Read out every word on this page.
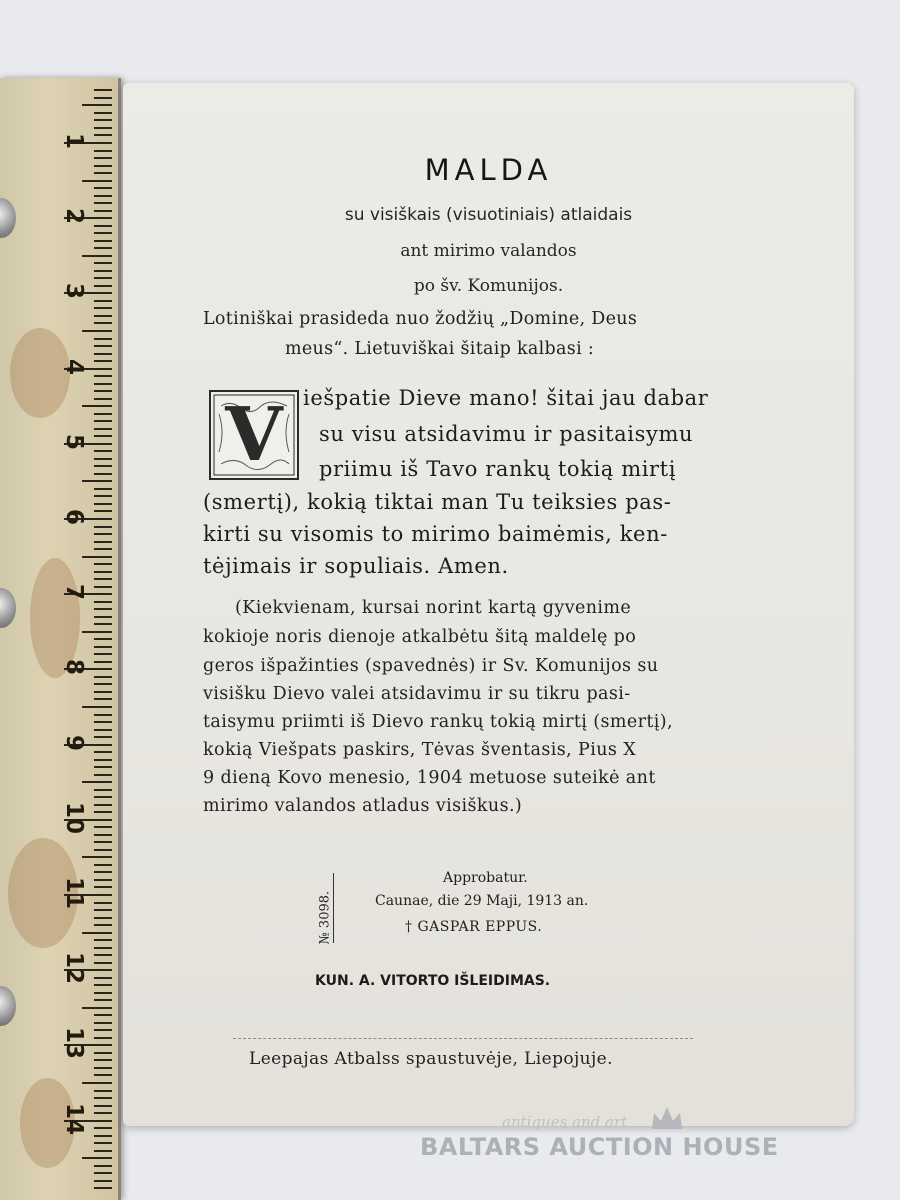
1
2
3
4
5
6
7
8
9
10
11
12
13
14
MALDA
su visiškais (visuotiniais) atlaidais
ant mirimo valandos
po šv. Komunijos.
Lotiniškai prasideda nuo žodžių „Domine, Deus
meus“. Lietuviškai šitaip kalbasi :
V iešpatie Dieve mano! šitai jau dabar
su visu atsidavimu ir pasitaisymu
priimu iš Tavo rankų tokią mirtį
(smertį), kokią tiktai man Tu teiksies pas-
kirti su visomis to mirimo baimėmis, ken-
tėjimais ir sopuliais. Amen.
(Kiekvienam, kursai norint kartą gyvenime
kokioje noris dienoje atkalbėtu šitą maldelę po
geros išpažinties (spavednės) ir Sv. Komunijos su
visišku Dievo valei atsidavimu ir su tikru pasi-
taisymu priimti iš Dievo rankų tokią mirtį (smertį),
kokią Viešpats paskirs, Tėvas šventasis, Pius X
9 dieną Kovo menesio, 1904 metuose suteikė ant
mirimo valandos atladus visiškus.)
№ 3098.
Approbatur.
Caunae, die 29 Maji, 1913 an.
† GASPAR EPPUS.
KUN. A. VITORTO IŠLEIDIMAS.
Leepajas Atbalss spaustuvėje, Liepojuje.
antiques and art
BALTARS AUCTION HOUSE
